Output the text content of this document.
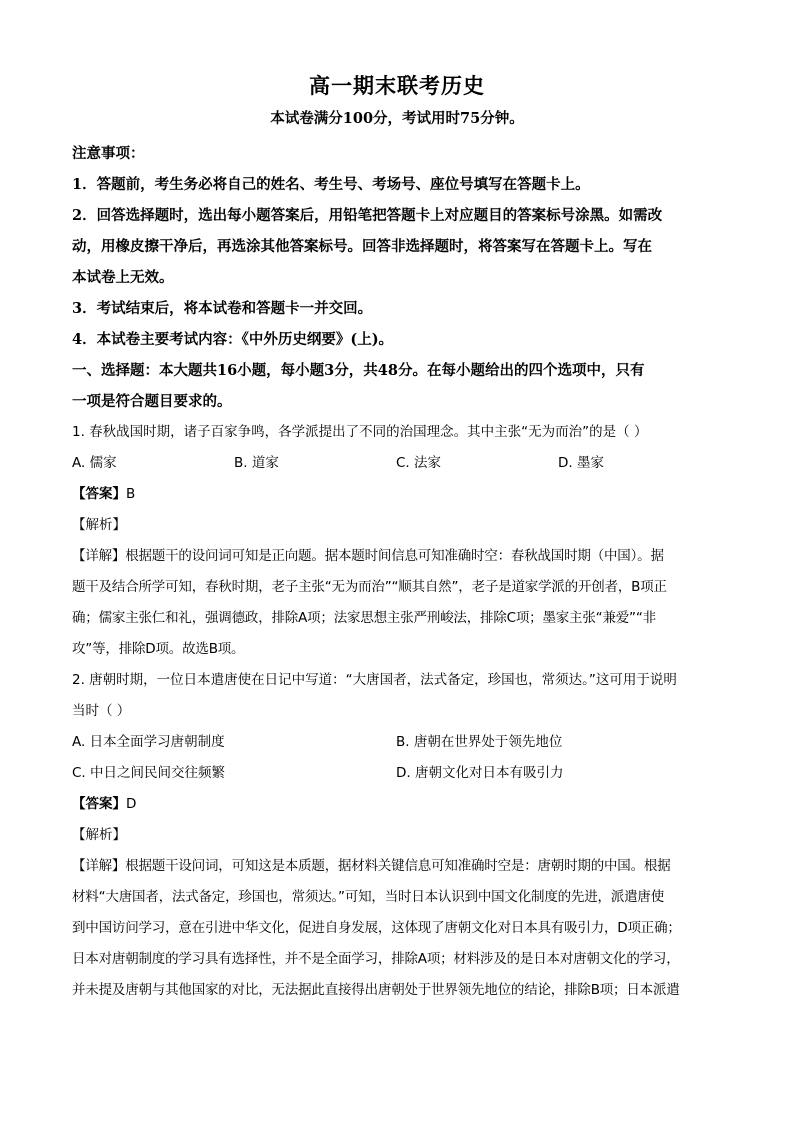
高一期末联考历史
本试卷满分100分，考试用时75分钟。
注意事项：
1．答题前，考生务必将自己的姓名、考生号、考场号、座位号填写在答题卡上。
2．回答选择题时，选出每小题答案后，用铅笔把答题卡上对应题目的答案标号涂黑。如需改
动，用橡皮擦干净后，再选涂其他答案标号。回答非选择题时，将答案写在答题卡上。写在
本试卷上无效。
3．考试结束后，将本试卷和答题卡一并交回。
4．本试卷主要考试内容：《中外历史纲要》(上)。
一、选择题：本大题共16小题，每小题3分，共48分。在每小题给出的四个选项中，只有
一项是符合题目要求的。
1. 春秋战国时期，诸子百家争鸣，各学派提出了不同的治国理念。其中主张“无为而治”的是（ ）
A. 儒家	B. 道家	C. 法家	D. 墨家
【答案】B
【解析】
【详解】根据题干的设问词可知是正向题。据本题时间信息可知准确时空：春秋战国时期（中国）。据
题干及结合所学可知，春秋时期，老子主张“无为而治”“顺其自然”，老子是道家学派的开创者，B项正
确；儒家主张仁和礼，强调德政，排除A项；法家思想主张严刑峻法，排除C项；墨家主张“兼爱”“非
攻”等，排除D项。故选B项。
2. 唐朝时期，一位日本遣唐使在日记中写道：“大唐国者，法式备定，珍国也，常须达。”这可用于说明
当时（ ）
A. 日本全面学习唐朝制度	B. 唐朝在世界处于领先地位
C. 中日之间民间交往频繁	D. 唐朝文化对日本有吸引力
【答案】D
【解析】
【详解】根据题干设问词，可知这是本质题，据材料关键信息可知准确时空是：唐朝时期的中国。根据
材料“大唐国者，法式备定，珍国也，常须达。”可知，当时日本认识到中国文化制度的先进，派遣唐使
到中国访问学习，意在引进中华文化，促进自身发展，这体现了唐朝文化对日本具有吸引力，D项正确；
日本对唐朝制度的学习具有选择性，并不是全面学习，排除A项；材料涉及的是日本对唐朝文化的学习，
并未提及唐朝与其他国家的对比，无法据此直接得出唐朝处于世界领先地位的结论，排除B项；日本派遣
